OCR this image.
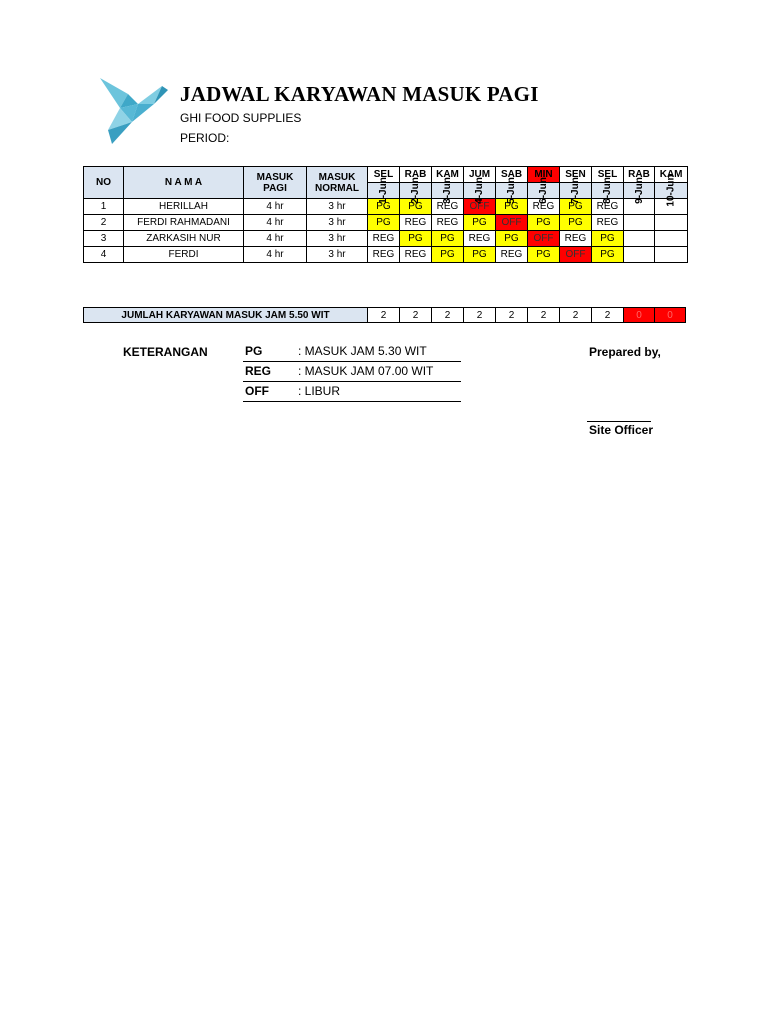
JADWAL KARYAWAN MASUK PAGI
GHI FOOD SUPPLIES
PERIOD:
NO	N A M A	MASUK PAGI	MASUK NORMAL	SEL	RAB	KAM	JUM	SAB	MIN	SEN	SEL	RAB	KAM
				1-Jun	2-Jun	3-Jun	4-Jun	5-Jun	6-Jun	7-Jun	8-Jun	9-Jun	10-Jun
1	HERILLAH	4 hr	3 hr	PG	PG	REG	OFF	PG	REG	PG	REG		
2	FERDI RAHMADANI	4 hr	3 hr	PG	REG	REG	PG	OFF	PG	PG	REG		
3	ZARKASIH NUR	4 hr	3 hr	REG	PG	PG	REG	PG	OFF	REG	PG		
4	FERDI	4 hr	3 hr	REG	REG	PG	PG	REG	PG	OFF	PG		
JUMLAH KARYAWAN MASUK JAM 5.50 WIT	2	2	2	2	2	2	2	2	0	0
KETERANGAN	PG	: MASUK JAM 5.30 WIT
REG : MASUK JAM 07.00 WIT
OFF : LIBUR
Prepared by,
Site Officer
